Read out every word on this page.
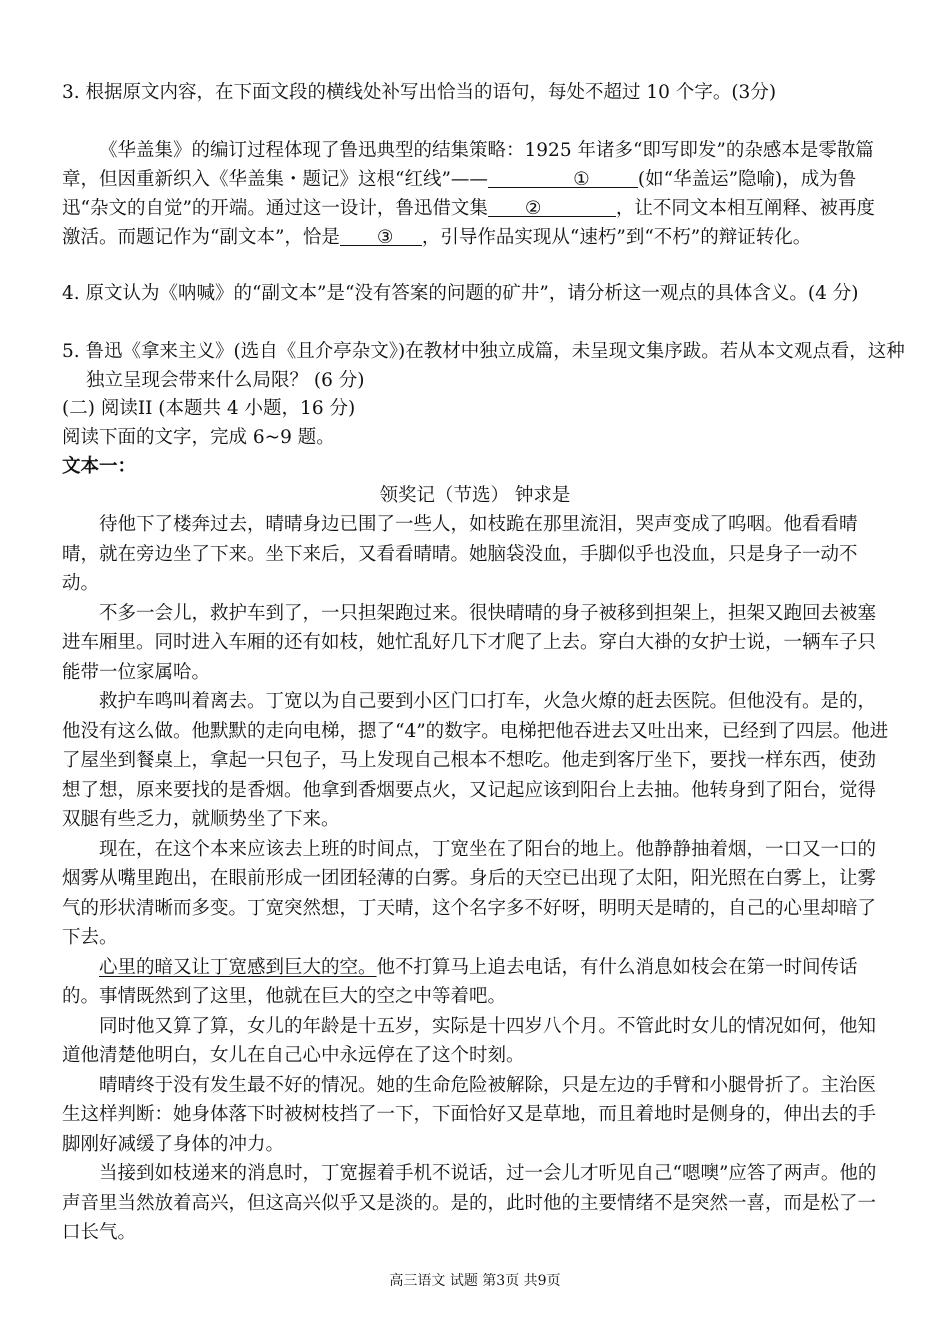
3. 根据原文内容，在下面文段的横线处补写出恰当的语句，每处不超过 10 个字。(3分)

《华盖集》的编订过程体现了鲁迅典型的结集策略：1925 年诸多“即写即发”的杂感本是零散篇章，但因重新织入《华盖集・题记》这根“红线”——	①	(如“华盖运”隐喻)，成为鲁迅“杂文的自觉”的开端。通过这一设计，鲁迅借文集 ②	，让不同文本相互阐释、被再度激活。而题记作为“副文本”，恰是 ③ ，引导作品实现从“速朽”到“不朽”的辩证转化。

4. 原文认为《呐喊》的“副文本”是“没有答案的问题的矿井”，请分析这一观点的具体含义。(4 分)

5. 鲁迅《拿来主义》(选自《且介亭杂文》)在教材中独立成篇，未呈现文集序跋。若从本文观点看，这种独立呈现会带来什么局限？ (6 分)

(二) 阅读II (本题共 4 小题，16 分)

阅读下面的文字，完成 6~9 题。

文本一：

领奖记（节选） 钟求是

待他下了楼奔过去，晴晴身边已围了一些人，如枝跪在那里流泪，哭声变成了呜咽。他看看晴晴，就在旁边坐了下来。坐下来后，又看看晴晴。她脑袋没血，手脚似乎也没血，只是身子一动不动。

不多一会儿，救护车到了，一只担架跑过来。很快晴晴的身子被移到担架上，担架又跑回去被塞进车厢里。同时进入车厢的还有如枝，她忙乱好几下才爬了上去。穿白大褂的女护士说，一辆车子只能带一位家属哈。

救护车鸣叫着离去。丁宽以为自己要到小区门口打车，火急火燎的赶去医院。但他没有。是的，他没有这么做。他默默的走向电梯，摁了“4”的数字。电梯把他吞进去又吐出来，已经到了四层。他进了屋坐到餐桌上，拿起一只包子，马上发现自己根本不想吃。他走到客厅坐下，要找一样东西，使劲想了想，原来要找的是香烟。他拿到香烟要点火，又记起应该到阳台上去抽。他转身到了阳台，觉得双腿有些乏力，就顺势坐了下来。

现在，在这个本来应该去上班的时间点，丁宽坐在了阳台的地上。他静静抽着烟，一口又一口的烟雾从嘴里跑出，在眼前形成一团团轻薄的白雾。身后的天空已出现了太阳，阳光照在白雾上，让雾气的形状清晰而多变。丁宽突然想，丁天晴，这个名字多不好呀，明明天是晴的，自己的心里却暗了下去。

心里的暗又让丁宽感到巨大的空。他不打算马上追去电话，有什么消息如枝会在第一时间传话的。事情既然到了这里，他就在巨大的空之中等着吧。

同时他又算了算，女儿的年龄是十五岁，实际是十四岁八个月。不管此时女儿的情况如何，他知道他清楚他明白，女儿在自己心中永远停在了这个时刻。

晴晴终于没有发生最不好的情况。她的生命危险被解除，只是左边的手臂和小腿骨折了。主治医生这样判断：她身体落下时被树枝挡了一下，下面恰好又是草地，而且着地时是侧身的，伸出去的手脚刚好减缓了身体的冲力。

当接到如枝递来的消息时，丁宽握着手机不说话，过一会儿才听见自己“嗯噢”应答了两声。他的声音里当然放着高兴，但这高兴似乎又是淡的。是的，此时他的主要情绪不是突然一喜，而是松了一口长气。

高三语文 试题 第3页 共9页
